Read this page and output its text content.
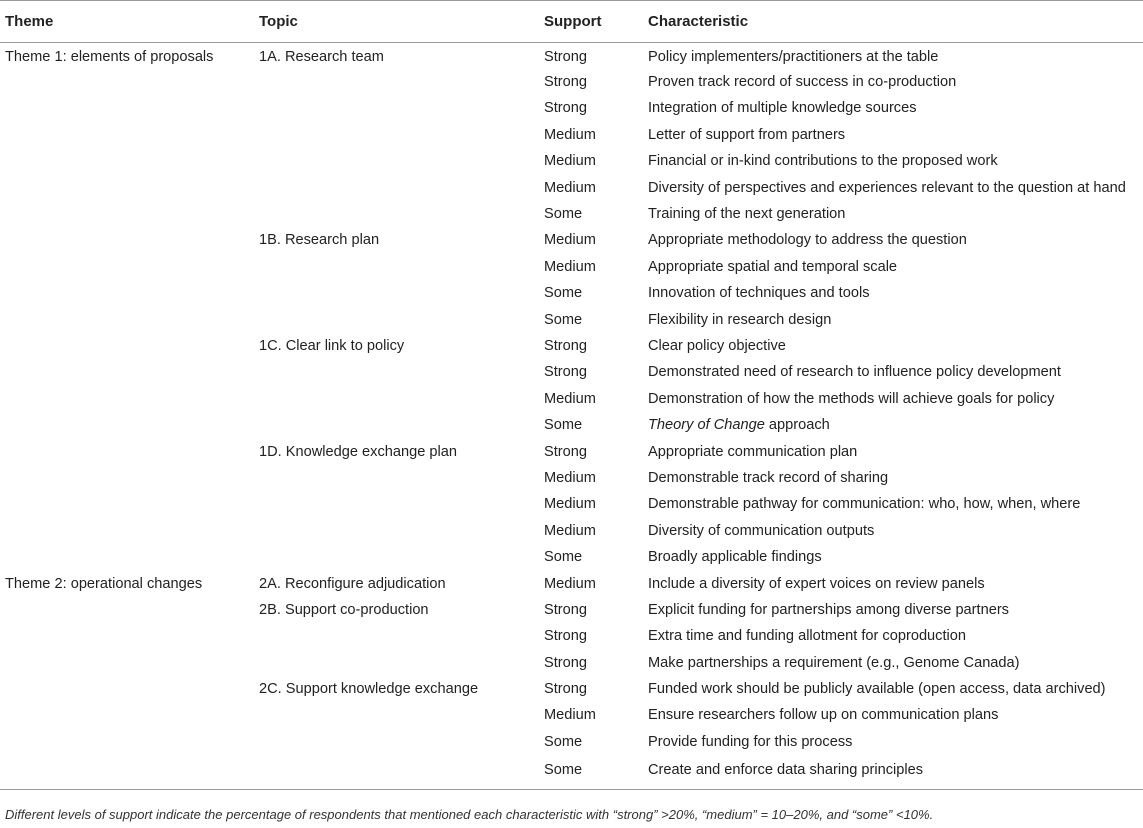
Theme	Topic	Support	Characteristic
Theme 1: elements of proposals	1A. Research team	Strong	Policy implementers/practitioners at the table
		Strong	Proven track record of success in co-production
		Strong	Integration of multiple knowledge sources
		Medium	Letter of support from partners
		Medium	Financial or in-kind contributions to the proposed work
		Medium	Diversity of perspectives and experiences relevant to the question at hand
		Some	Training of the next generation
	1B. Research plan	Medium	Appropriate methodology to address the question
		Medium	Appropriate spatial and temporal scale
		Some	Innovation of techniques and tools
		Some	Flexibility in research design
	1C. Clear link to policy	Strong	Clear policy objective
		Strong	Demonstrated need of research to influence policy development
		Medium	Demonstration of how the methods will achieve goals for policy
		Some	Theory of Change approach
	1D. Knowledge exchange plan	Strong	Appropriate communication plan
		Medium	Demonstrable track record of sharing
		Medium	Demonstrable pathway for communication: who, how, when, where
		Medium	Diversity of communication outputs
		Some	Broadly applicable findings
Theme 2: operational changes	2A. Reconfigure adjudication	Medium	Include a diversity of expert voices on review panels
	2B. Support co-production	Strong	Explicit funding for partnerships among diverse partners
		Strong	Extra time and funding allotment for coproduction
		Strong	Make partnerships a requirement (e.g., Genome Canada)
	2C. Support knowledge exchange	Strong	Funded work should be publicly available (open access, data archived)
		Medium	Ensure researchers follow up on communication plans
		Some	Provide funding for this process
		Some	Create and enforce data sharing principles
Different levels of support indicate the percentage of respondents that mentioned each characteristic with “strong” >20%, “medium” = 10–20%, and “some” <10%.
